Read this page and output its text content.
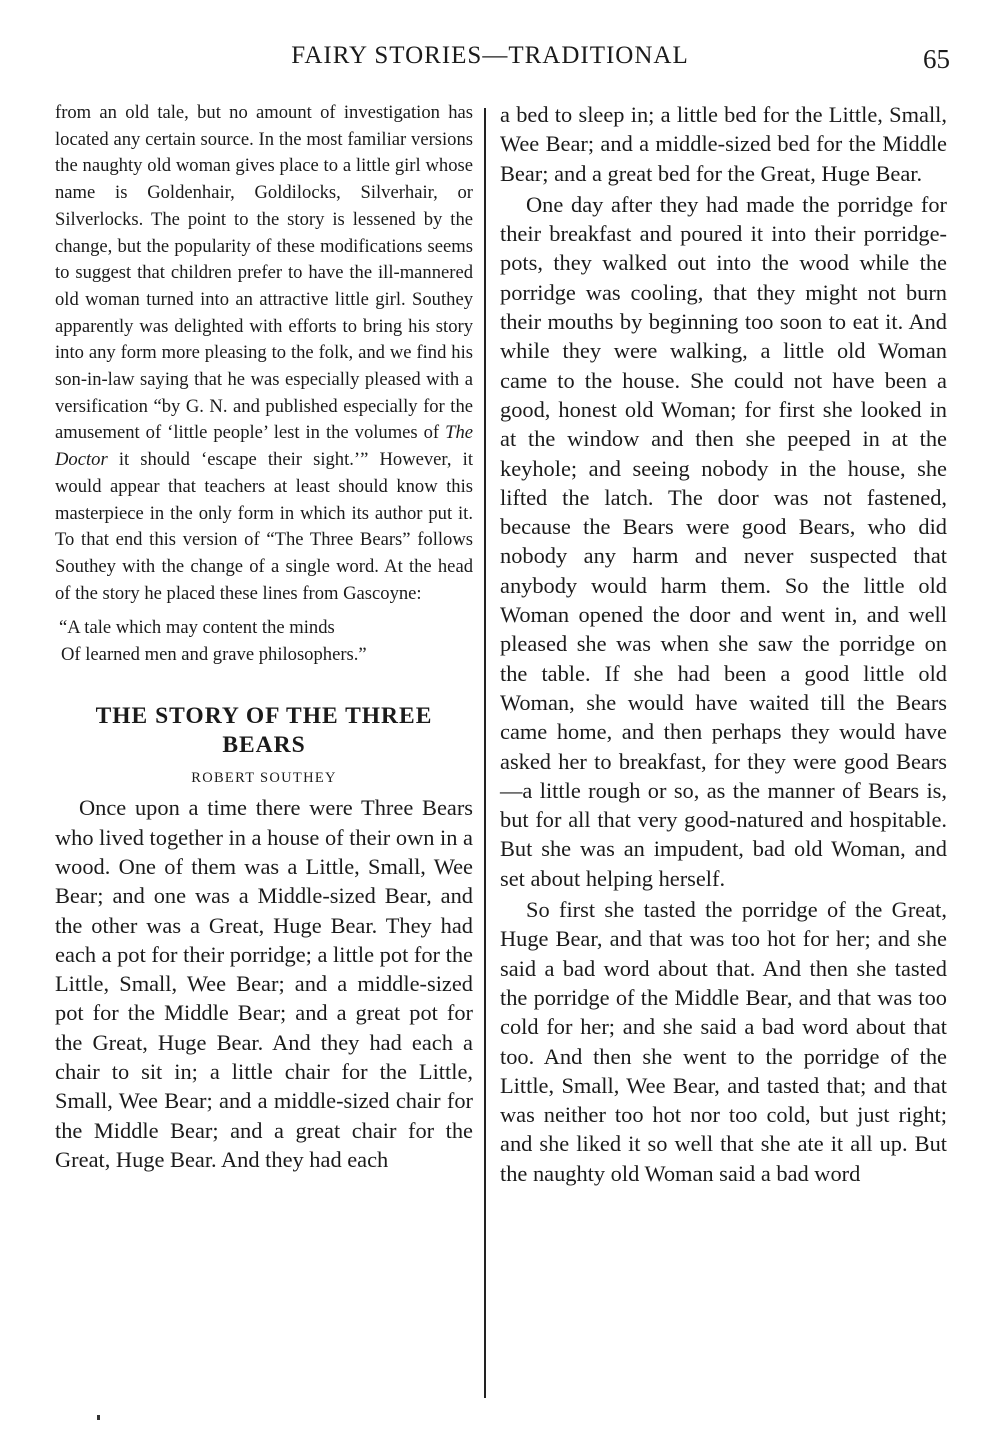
FAIRY STORIES—TRADITIONAL	65

from an old tale, but no amount of investigation has located any certain source. In the most familiar versions the naughty old woman gives place to a little girl whose name is Goldenhair, Goldilocks, Silverhair, or Silverlocks. The point to the story is lessened by the change, but the popularity of these modifications seems to suggest that children prefer to have the ill-mannered old woman turned into an attractive little girl. Southey apparently was delighted with efforts to bring his story into any form more pleasing to the folk, and we find his son-in-law saying that he was especially pleased with a versification “by G. N. and published especially for the amusement of ‘little people’ lest in the volumes of The Doctor it should ‘escape their sight.’” However, it would appear that teachers at least should know this masterpiece in the only form in which its author put it. To that end this version of “The Three Bears” follows Southey with the change of a single word. At the head of the story he placed these lines from Gascoyne:

“A tale which may content the minds
Of learned men and grave philosophers.”
THE STORY OF THE THREE BEARS
ROBERT SOUTHEY

Once upon a time there were Three Bears who lived together in a house of their own in a wood. One of them was a Little, Small, Wee Bear; and one was a Middle-sized Bear, and the other was a Great, Huge Bear. They had each a pot for their porridge; a little pot for the Little, Small, Wee Bear; and a middle-sized pot for the Middle Bear; and a great pot for the Great, Huge Bear. And they had each a chair to sit in; a little chair for the Little, Small, Wee Bear; and a middle-sized chair for the Middle Bear; and a great chair for the Great, Huge Bear. And they had each

a bed to sleep in; a little bed for the Little, Small, Wee Bear; and a middle-sized bed for the Middle Bear; and a great bed for the Great, Huge Bear.

One day after they had made the porridge for their breakfast and poured it into their porridge-pots, they walked out into the wood while the porridge was cooling, that they might not burn their mouths by beginning too soon to eat it. And while they were walking, a little old Woman came to the house. She could not have been a good, honest old Woman; for first she looked in at the window and then she peeped in at the keyhole; and seeing nobody in the house, she lifted the latch. The door was not fastened, because the Bears were good Bears, who did nobody any harm and never suspected that anybody would harm them. So the little old Woman opened the door and went in, and well pleased she was when she saw the porridge on the table. If she had been a good little old Woman, she would have waited till the Bears came home, and then perhaps they would have asked her to breakfast, for they were good Bears—a little rough or so, as the manner of Bears is, but for all that very good-natured and hospitable. But she was an impudent, bad old Woman, and set about helping herself.

So first she tasted the porridge of the Great, Huge Bear, and that was too hot for her; and she said a bad word about that. And then she tasted the porridge of the Middle Bear, and that was too cold for her; and she said a bad word about that too. And then she went to the porridge of the Little, Small, Wee Bear, and tasted that; and that was neither too hot nor too cold, but just right; and she liked it so well that she ate it all up. But the naughty old Woman said a bad word
